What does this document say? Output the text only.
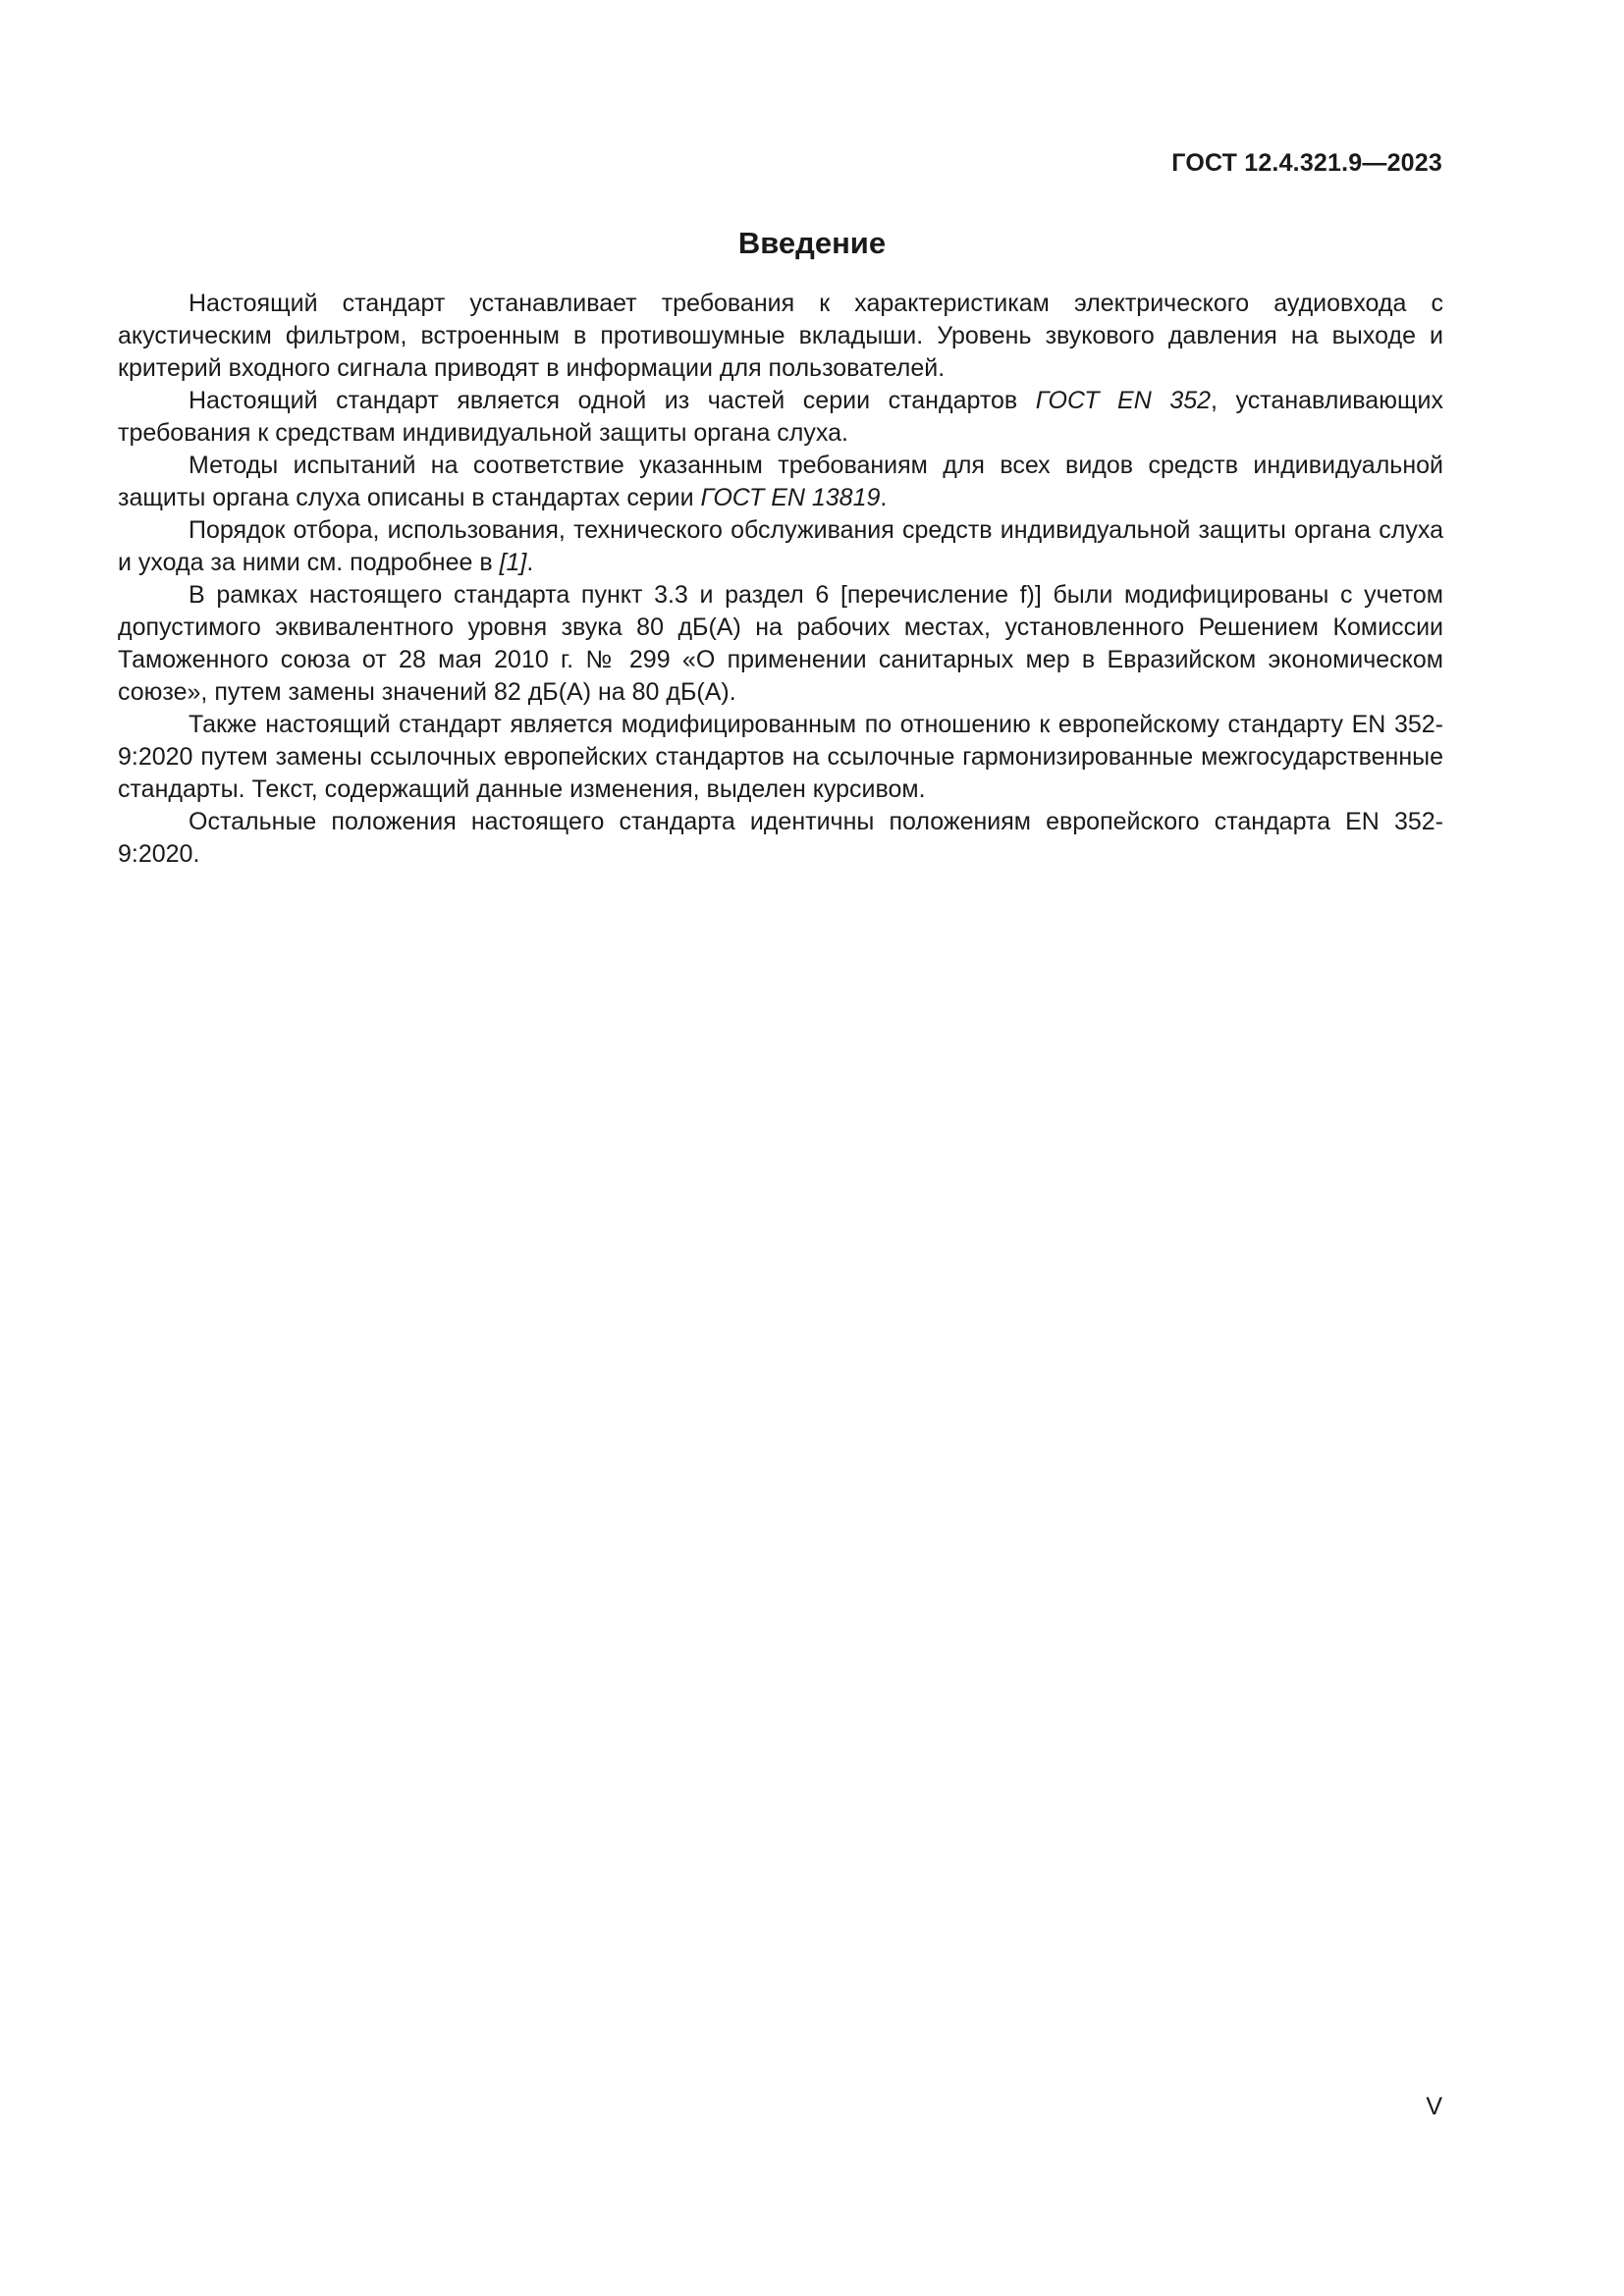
ГОСТ 12.4.321.9—2023
Введение

Настоящий стандарт устанавливает требования к характеристикам электрического аудиовхода с акустическим фильтром, встроенным в противошумные вкладыши. Уровень звукового давления на выходе и критерий входного сигнала приводят в информации для пользователей.

Настоящий стандарт является одной из частей серии стандартов ГОСТ EN 352, устанавливающих требования к средствам индивидуальной защиты органа слуха.

Методы испытаний на соответствие указанным требованиям для всех видов средств индивидуальной защиты органа слуха описаны в стандартах серии ГОСТ EN 13819.

Порядок отбора, использования, технического обслуживания средств индивидуальной защиты органа слуха и ухода за ними см. подробнее в [1].

В рамках настоящего стандарта пункт 3.3 и раздел 6 [перечисление f)] были модифицированы с учетом допустимого эквивалентного уровня звука 80 дБ(А) на рабочих местах, установленного Решением Комиссии Таможенного союза от 28 мая 2010 г. № 299 «О применении санитарных мер в Евразийском экономическом союзе», путем замены значений 82 дБ(А) на 80 дБ(А).

Также настоящий стандарт является модифицированным по отношению к европейскому стандарту EN 352-9:2020 путем замены ссылочных европейских стандартов на ссылочные гармонизированные межгосударственные стандарты. Текст, содержащий данные изменения, выделен курсивом.

Остальные положения настоящего стандарта идентичны положениям европейского стандарта EN 352-9:2020.

V
